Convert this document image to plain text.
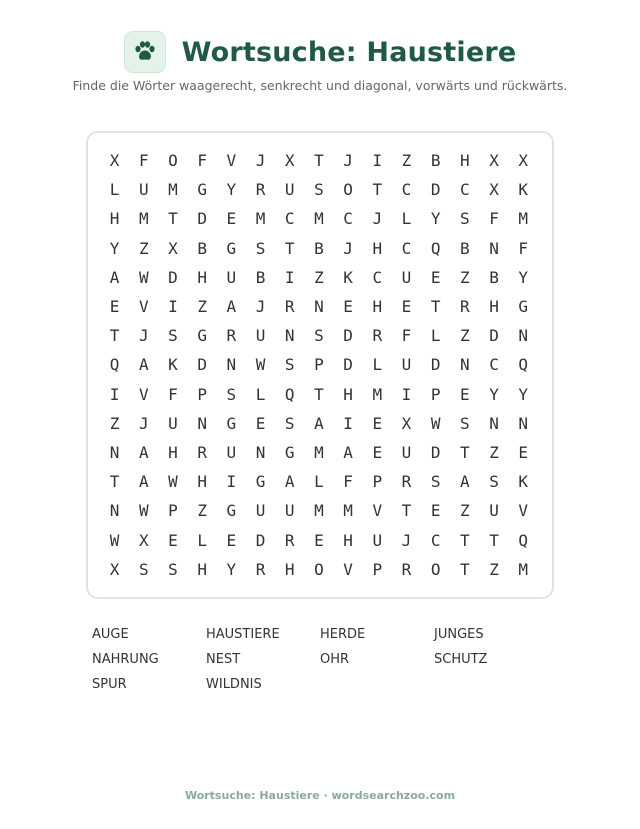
Wortsuche: Haustiere
Finde die Wörter waagerecht, senkrecht und diagonal, vorwärts und rückwärts.
X	F	O	F	V	J	X	T	J	I	Z	B	H	X	X
L	U	M	G	Y	R	U	S	O	T	C	D	C	X	K
H	M	T	D	E	M	C	M	C	J	L	Y	S	F	M
Y	Z	X	B	G	S	T	B	J	H	C	Q	B	N	F
A	W	D	H	U	B	I	Z	K	C	U	E	Z	B	Y
E	V	I	Z	A	J	R	N	E	H	E	T	R	H	G
T	J	S	G	R	U	N	S	D	R	F	L	Z	D	N
Q	A	K	D	N	W	S	P	D	L	U	D	N	C	Q
I	V	F	P	S	L	Q	T	H	M	I	P	E	Y	Y
Z	J	U	N	G	E	S	A	I	E	X	W	S	N	N
N	A	H	R	U	N	G	M	A	E	U	D	T	Z	E
T	A	W	H	I	G	A	L	F	P	R	S	A	S	K
N	W	P	Z	G	U	U	M	M	V	T	E	Z	U	V
W	X	E	L	E	D	R	E	H	U	J	C	T	T	Q
X	S	S	H	Y	R	H	O	V	P	R	O	T	Z	M
AUGE	HAUSTIERE	HERDE	JUNGES
NAHRUNG	NEST	OHR	SCHUTZ
SPUR	WILDNIS
Wortsuche: Haustiere · wordsearchzoo.com
